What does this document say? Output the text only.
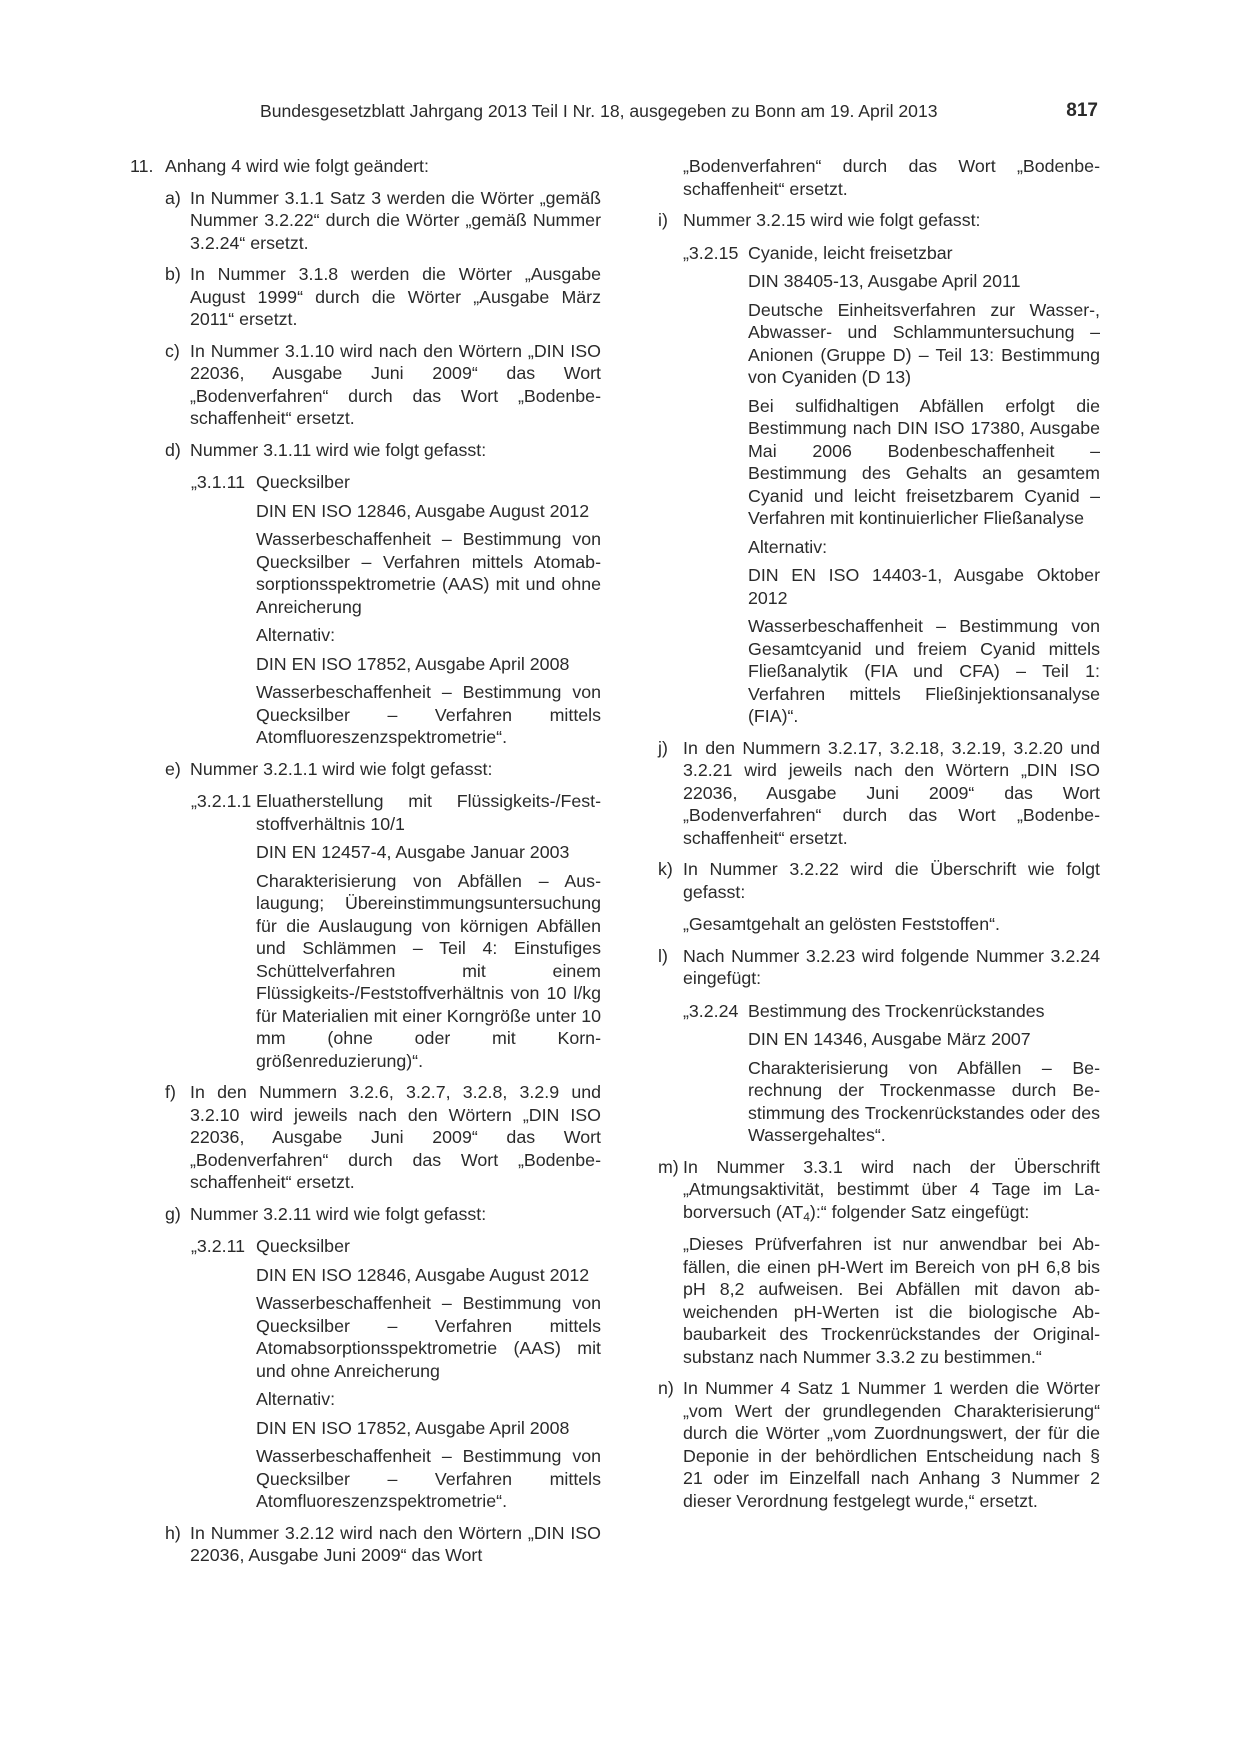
Bundesgesetzblatt Jahrgang 2013 Teil I Nr. 18, ausgegeben zu Bonn am 19. April 2013	817
11. Anhang 4 wird wie folgt geändert:
a) In Nummer 3.1.1 Satz 3 werden die Wörter „gemäß Nummer 3.2.22“ durch die Wörter „gemäß Nummer 3.2.24“ ersetzt.
b) In Nummer 3.1.8 werden die Wörter „Ausgabe August 1999“ durch die Wörter „Ausgabe März 2011“ ersetzt.
c) In Nummer 3.1.10 wird nach den Wörtern „DIN ISO 22036, Ausgabe Juni 2009“ das Wort „Bodenverfahren“ durch das Wort „Bodenbeschaffenheit“ ersetzt.
d) Nummer 3.1.11 wird wie folgt gefasst:
„3.1.11 Quecksilber
DIN EN ISO 12846, Ausgabe August 2012
Wasserbeschaffenheit – Bestimmung von Quecksilber – Verfahren mittels Atomabsorptionsspektrometrie (AAS) mit und ohne Anreicherung
Alternativ:
DIN EN ISO 17852, Ausgabe April 2008
Wasserbeschaffenheit – Bestimmung von Quecksilber – Verfahren mittels Atomfluoreszenzspektrometrie“.
e) Nummer 3.2.1.1 wird wie folgt gefasst:
„3.2.1.1 Eluatherstellung mit Flüssigkeits-/Feststoffverhältnis 10/1
DIN EN 12457-4, Ausgabe Januar 2003
Charakterisierung von Abfällen – Auslaugung; Übereinstimmungsuntersuchung für die Auslaugung von körnigen Abfällen und Schlämmen – Teil 4: Einstufiges Schüttelverfahren mit einem Flüssigkeits-/Feststoffverhältnis von 10 l/kg für Materialien mit einer Korngröße unter 10 mm (ohne oder mit Korngrößenreduzierung)“.
f) In den Nummern 3.2.6, 3.2.7, 3.2.8, 3.2.9 und 3.2.10 wird jeweils nach den Wörtern „DIN ISO 22036, Ausgabe Juni 2009“ das Wort „Bodenverfahren“ durch das Wort „Bodenbeschaffenheit“ ersetzt.
g) Nummer 3.2.11 wird wie folgt gefasst:
„3.2.11 Quecksilber
DIN EN ISO 12846, Ausgabe August 2012
Wasserbeschaffenheit – Bestimmung von Quecksilber – Verfahren mittels Atomabsorptionsspektrometrie (AAS) mit und ohne Anreicherung
Alternativ:
DIN EN ISO 17852, Ausgabe April 2008
Wasserbeschaffenheit – Bestimmung von Quecksilber – Verfahren mittels Atomfluoreszenzspektrometrie“.
h) In Nummer 3.2.12 wird nach den Wörtern „DIN ISO 22036, Ausgabe Juni 2009“ das Wort
„Bodenverfahren“ durch das Wort „Bodenbeschaffenheit“ ersetzt.
i) Nummer 3.2.15 wird wie folgt gefasst:
„3.2.15 Cyanide, leicht freisetzbar
DIN 38405-13, Ausgabe April 2011
Deutsche Einheitsverfahren zur Wasser-, Abwasser- und Schlammuntersuchung – Anionen (Gruppe D) – Teil 13: Bestimmung von Cyaniden (D 13)
Bei sulfidhaltigen Abfällen erfolgt die Bestimmung nach DIN ISO 17380, Ausgabe Mai 2006 Bodenbeschaffenheit – Bestimmung des Gehalts an gesamtem Cyanid und leicht freisetzbarem Cyanid – Verfahren mit kontinuierlicher Fließanalyse
Alternativ:
DIN EN ISO 14403-1, Ausgabe Oktober 2012
Wasserbeschaffenheit – Bestimmung von Gesamtcyanid und freiem Cyanid mittels Fließanalytik (FIA und CFA) – Teil 1: Verfahren mittels Fließinjektionsanalyse (FIA)“.
j) In den Nummern 3.2.17, 3.2.18, 3.2.19, 3.2.20 und 3.2.21 wird jeweils nach den Wörtern „DIN ISO 22036, Ausgabe Juni 2009“ das Wort „Bodenverfahren“ durch das Wort „Bodenbeschaffenheit“ ersetzt.
k) In Nummer 3.2.22 wird die Überschrift wie folgt gefasst:
„Gesamtgehalt an gelösten Feststoffen“.
l) Nach Nummer 3.2.23 wird folgende Nummer 3.2.24 eingefügt:
„3.2.24 Bestimmung des Trockenrückstandes
DIN EN 14346, Ausgabe März 2007
Charakterisierung von Abfällen – Berechnung der Trockenmasse durch Bestimmung des Trockenrückstandes oder des Wassergehaltes“.
m) In Nummer 3.3.1 wird nach der Überschrift „Atmungsaktivität, bestimmt über 4 Tage im Laborversuch $(AT_4):“$ folgender Satz eingefügt:
„Dieses Prüfverfahren ist nur anwendbar bei Abfällen, die einen pH-Wert im Bereich von pH 6,8 bis pH 8,2 aufweisen. Bei Abfällen mit davon abweichenden pH-Werten ist die biologische Abbaubarkeit des Trockenrückstandes der Originalsubstanz nach Nummer 3.3.2 zu bestimmen.“
n) In Nummer 4 Satz 1 Nummer 1 werden die Wörter „vom Wert der grundlegenden Charakterisierung“ durch die Wörter „vom Zuordnungswert, der für die Deponie in der behördlichen Entscheidung nach § 21 oder im Einzelfall nach Anhang 3 Nummer 2 dieser Verordnung festgelegt wurde,“ ersetzt.
